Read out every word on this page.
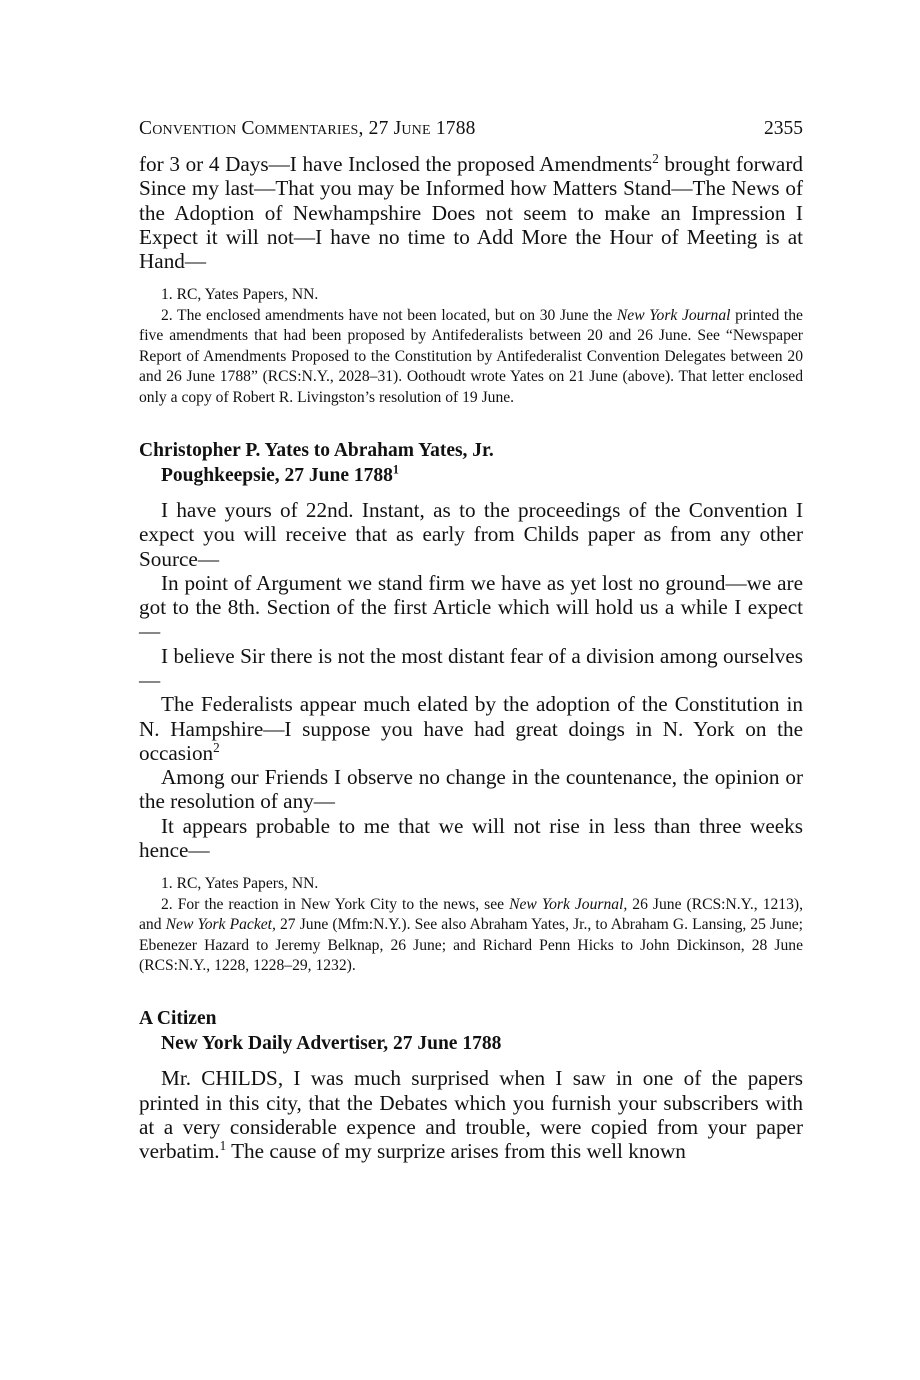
Convention Commentaries, 27 June 1788	2355

for 3 or 4 Days—I have Inclosed the proposed Amendments$^2$ brought forward Since my last—That you may be Informed how Matters Stand—The News of the Adoption of Newhampshire Does not seem to make an Impression I Expect it will not—I have no time to Add More the Hour of Meeting is at Hand—

1. RC, Yates Papers, NN.

2. The enclosed amendments have not been located, but on 30 June the New York Journal printed the five amendments that had been proposed by Antifederalists between 20 and 26 June. See “Newspaper Report of Amendments Proposed to the Constitution by Antifederalist Convention Delegates between 20 and 26 June 1788” (RCS:N.Y., 2028–31). Oothoudt wrote Yates on 21 June (above). That letter enclosed only a copy of Robert R. Livingston’s resolution of 19 June.

Christopher P. Yates to Abraham Yates, Jr.

Poughkeepsie, 27 June 1788$^1$

I have yours of 22nd. Instant, as to the proceedings of the Convention I expect you will receive that as early from Childs paper as from any other Source—

In point of Argument we stand firm we have as yet lost no ground—we are got to the 8th. Section of the first Article which will hold us a while I expect—

I believe Sir there is not the most distant fear of a division among ourselves—

The Federalists appear much elated by the adoption of the Constitution in N. Hampshire—I suppose you have had great doings in N. York on the occasion$^2$

Among our Friends I observe no change in the countenance, the opinion or the resolution of any—

It appears probable to me that we will not rise in less than three weeks hence—

1. RC, Yates Papers, NN.

2. For the reaction in New York City to the news, see New York Journal, 26 June (RCS:N.Y., 1213), and New York Packet, 27 June (Mfm:N.Y.). See also Abraham Yates, Jr., to Abraham G. Lansing, 25 June; Ebenezer Hazard to Jeremy Belknap, 26 June; and Richard Penn Hicks to John Dickinson, 28 June (RCS:N.Y., 1228, 1228–29, 1232).

A Citizen

New York Daily Advertiser, 27 June 1788

Mr. CHILDS, I was much surprised when I saw in one of the papers printed in this city, that the Debates which you furnish your subscribers with at a very considerable expence and trouble, were copied from your paper verbatim.$^1$ The cause of my surprize arises from this well known
